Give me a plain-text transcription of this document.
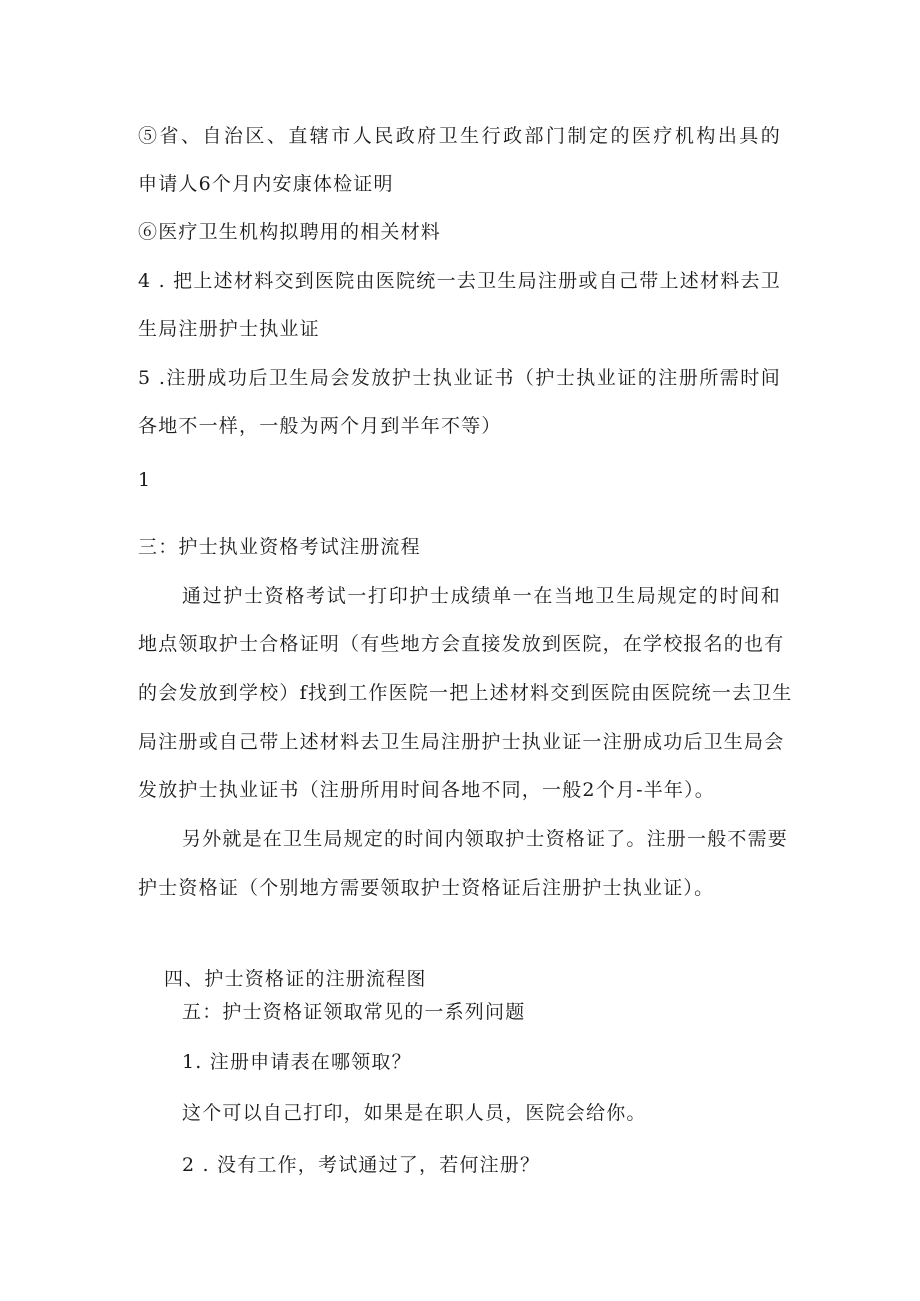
⑤省、自治区、直辖市人民政府卫生行政部门制定的医疗机构出具的
申请人6个月内安康体检证明
⑥医疗卫生机构拟聘用的相关材料
4 . 把上述材料交到医院由医院统一去卫生局注册或自己带上述材料去卫
生局注册护士执业证
5 .注册成功后卫生局会发放护士执业证书（护士执业证的注册所需时间
各地不一样，一般为两个月到半年不等）
1
三：护士执业资格考试注册流程
通过护士资格考试一打印护士成绩单一在当地卫生局规定的时间和
地点领取护士合格证明（有些地方会直接发放到医院，在学校报名的也有
的会发放到学校）f找到工作医院一把上述材料交到医院由医院统一去卫生
局注册或自己带上述材料去卫生局注册护士执业证一注册成功后卫生局会
发放护士执业证书（注册所用时间各地不同，一般2个月-半年）。
另外就是在卫生局规定的时间内领取护士资格证了。注册一般不需要
护士资格证（个别地方需要领取护士资格证后注册护士执业证）。
四、护士资格证的注册流程图
五：护士资格证领取常见的一系列问题
1. 注册申请表在哪领取？
这个可以自己打印，如果是在职人员，医院会给你。
2 . 没有工作，考试通过了，若何注册？
